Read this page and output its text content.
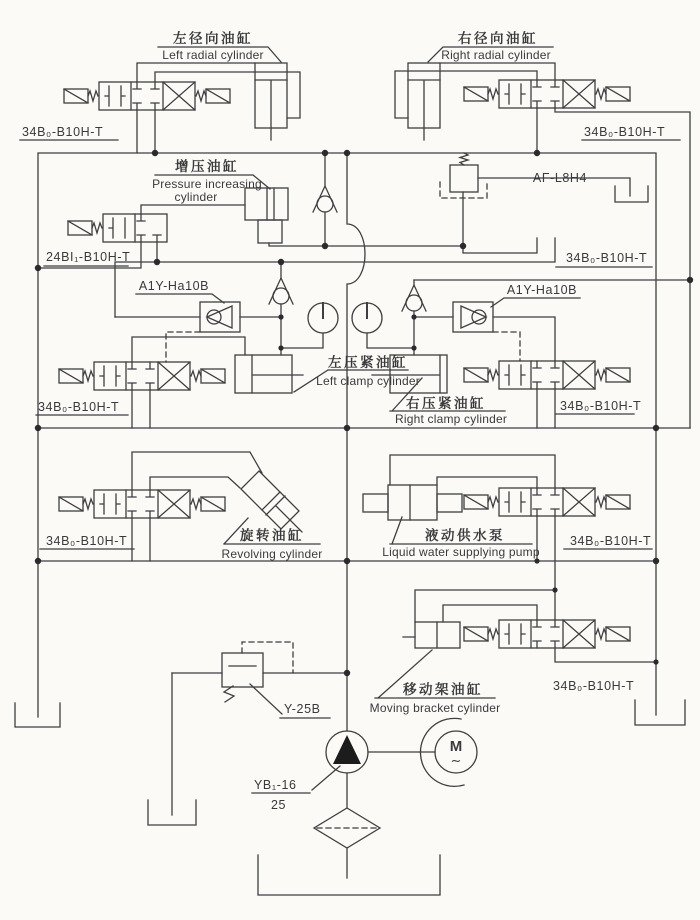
左径向油缸
Left radial cylinder
右径向油缸
Right radial cylinder
增压油缸
Pressure increasing
cylinder
24BI₁-B10H-T
A1Y-Ha10B	A1Y-Ha10B
左压紧油缸
Left clamp cylinder
右压紧油缸
Right clamp cylinder
34B₀-B10H-T	34B₀-B10H-T
34B₀-B10H-T
34B₀-B10H-T	34B₀-B10H-T
34B₀-B10H-T	34B₀-B10H-T
34B₀-B10H-T
AF-L8H4
旋转油缸
Revolving cylinder
液动供水泵
Liquid water supplying pump
移动架油缸
Moving bracket cylinder
Y-25B
YB₁-16
25
M
∼
